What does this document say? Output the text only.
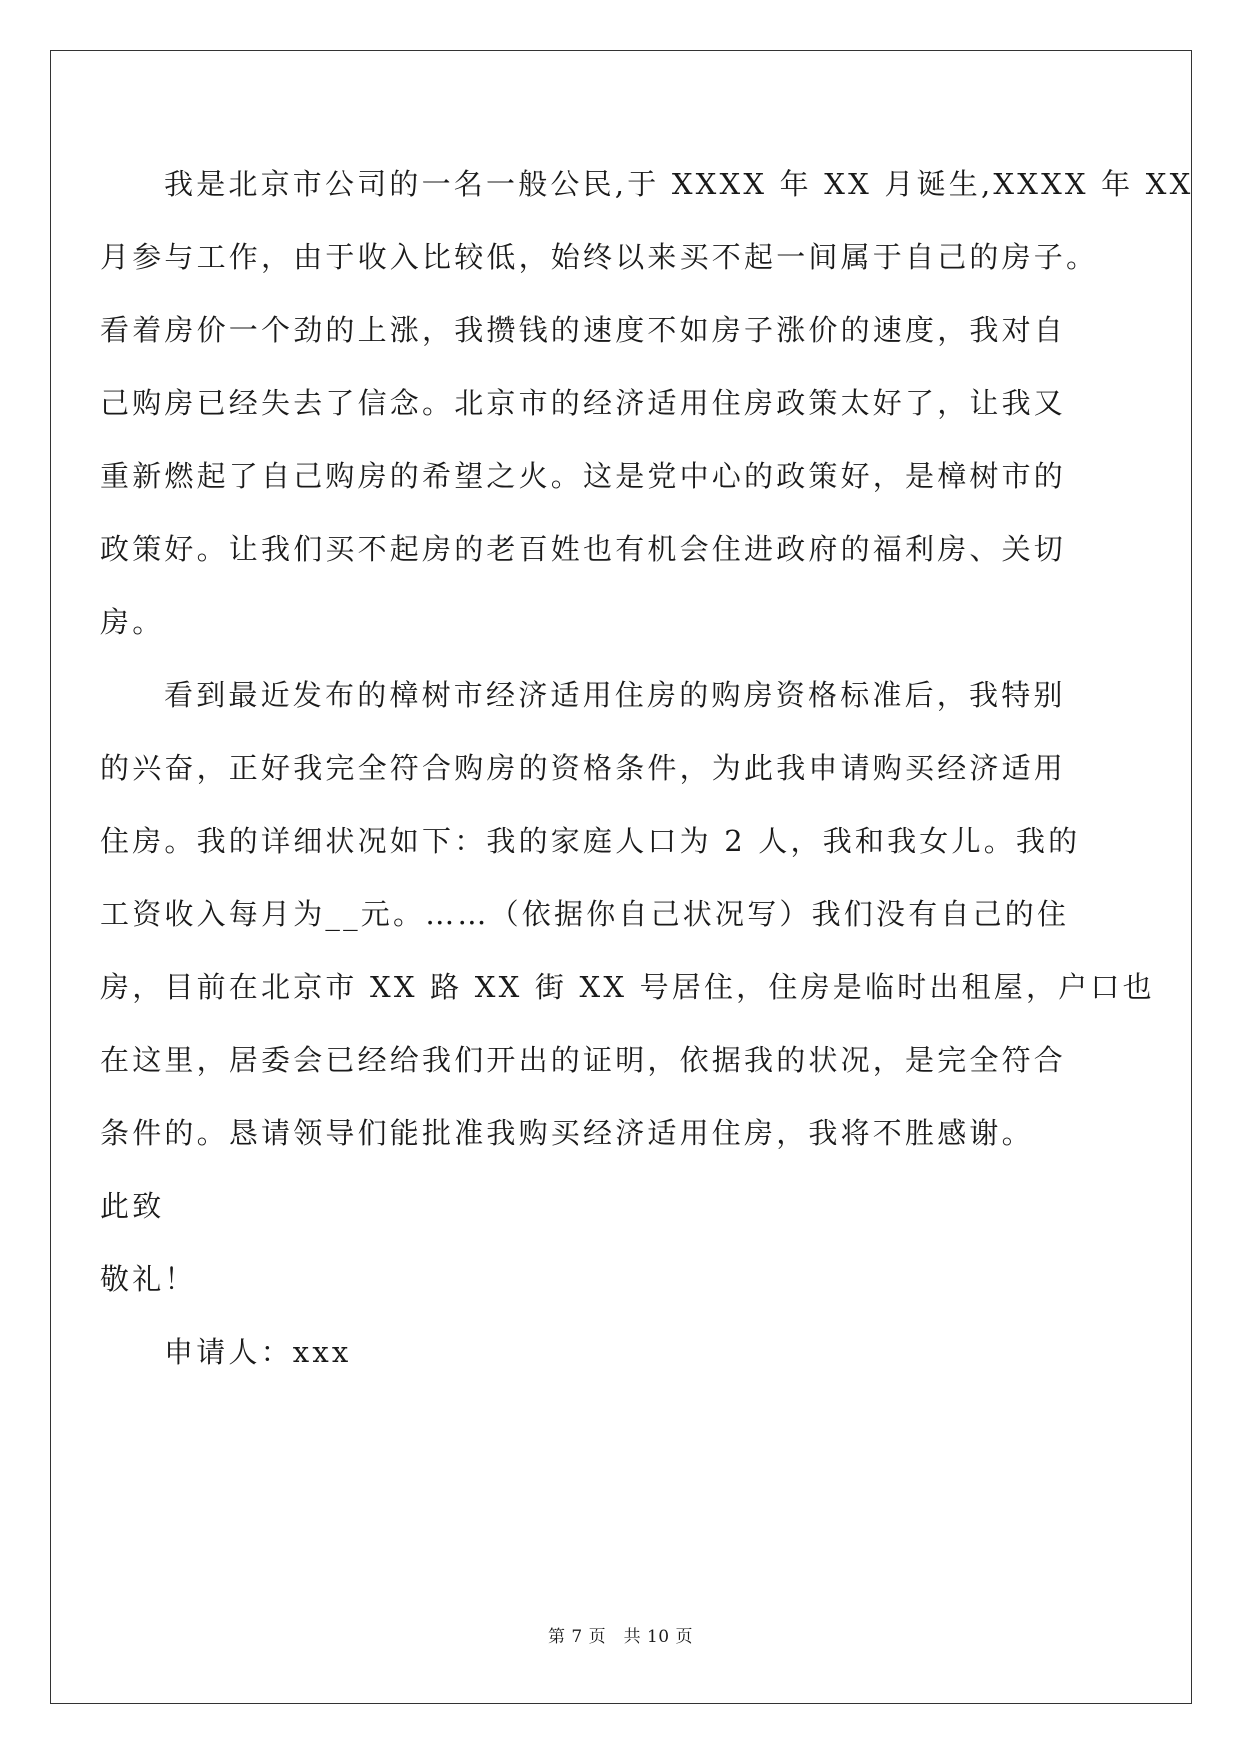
我是北京市公司的一名一般公民,于 XXXX 年 XX 月诞生,XXXX 年 XX
月参与工作，由于收入比较低，始终以来买不起一间属于自己的房子。
看着房价一个劲的上涨，我攒钱的速度不如房子涨价的速度，我对自
己购房已经失去了信念。北京市的经济适用住房政策太好了，让我又
重新燃起了自己购房的希望之火。这是党中心的政策好，是樟树市的
政策好。让我们买不起房的老百姓也有机会住进政府的福利房、关切
房。
看到最近发布的樟树市经济适用住房的购房资格标准后，我特别
的兴奋，正好我完全符合购房的资格条件，为此我申请购买经济适用
住房。我的详细状况如下：我的家庭人口为 2 人，我和我女儿。我的
工资收入每月为__元。……（依据你自己状况写）我们没有自己的住
房，目前在北京市 XX 路 XX 街 XX 号居住，住房是临时出租屋，户口也
在这里，居委会已经给我们开出的证明，依据我的状况，是完全符合
条件的。恳请领导们能批准我购买经济适用住房，我将不胜感谢。
此致
敬礼！
申请人：xxx
第 7 页　共 10 页
